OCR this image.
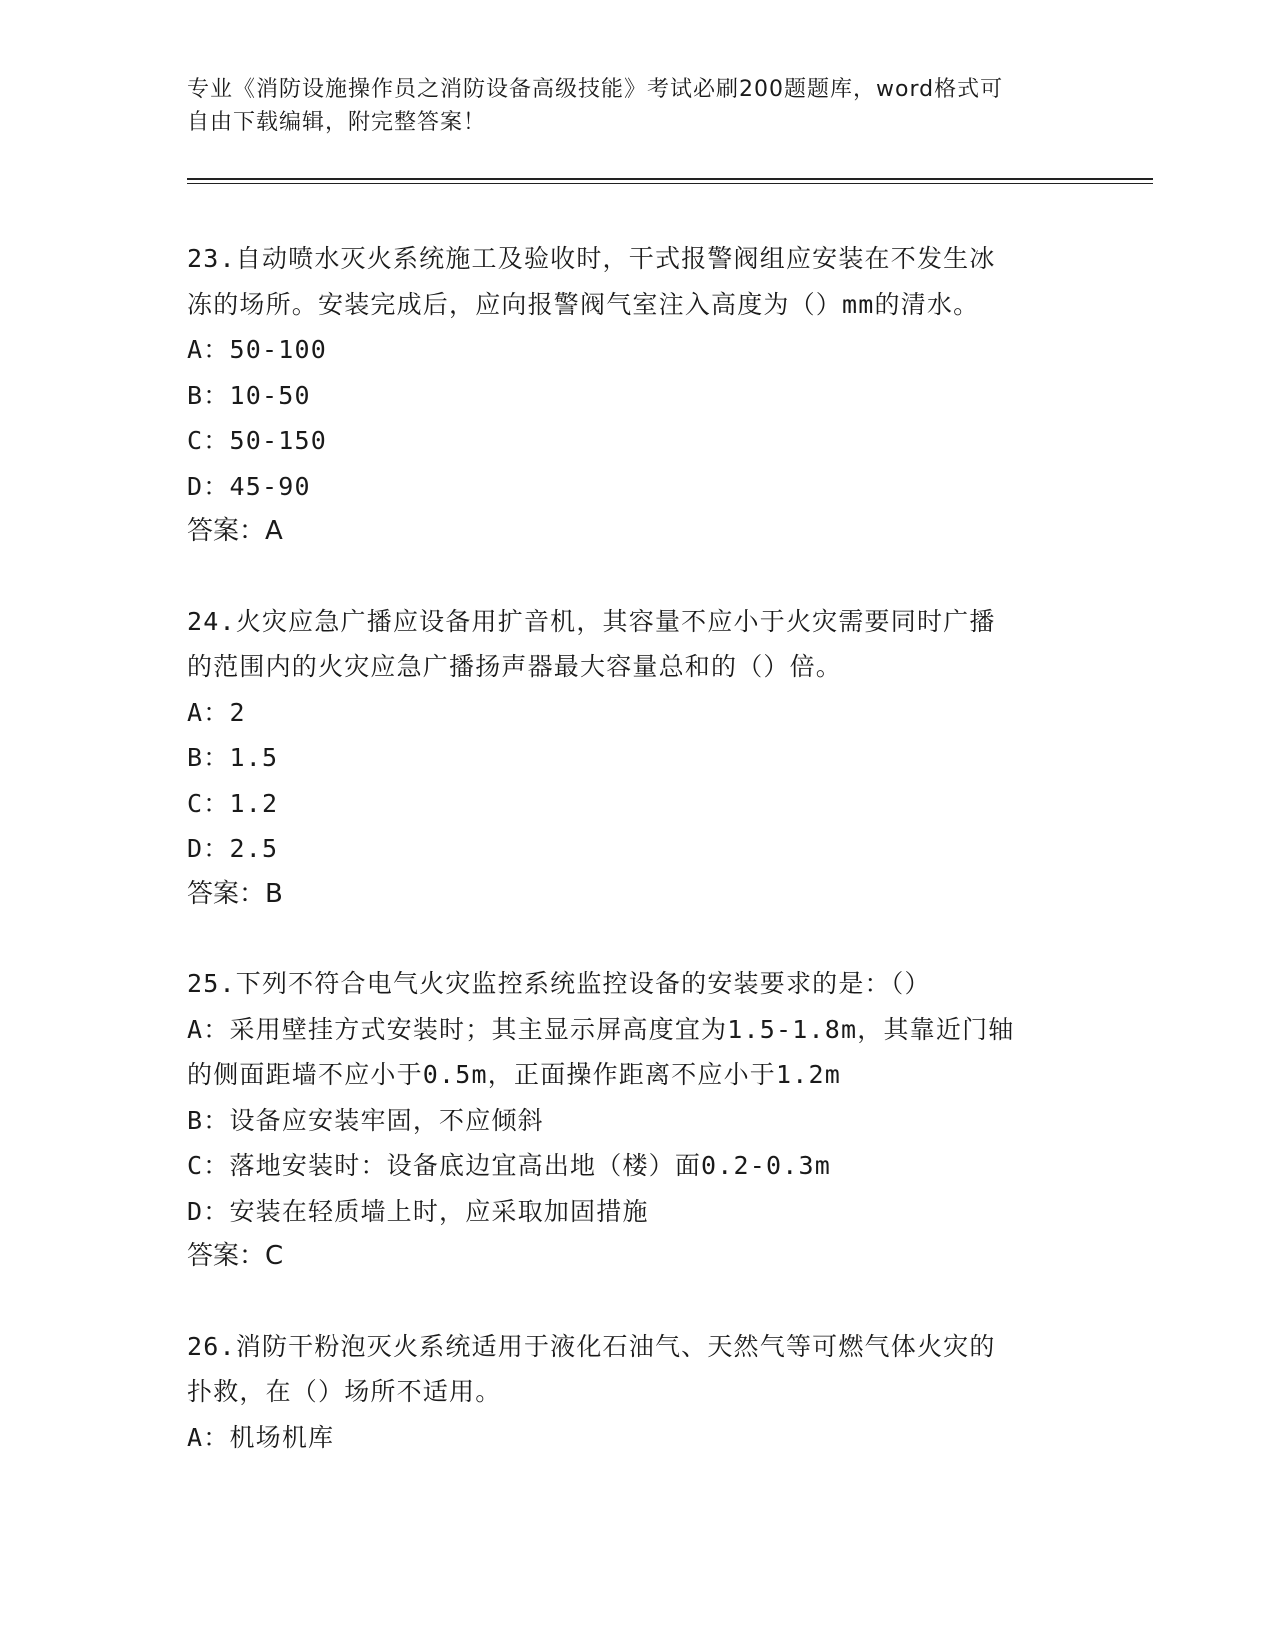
专业《消防设施操作员之消防设备高级技能》考试必刷200题题库，word格式可
自由下载编辑，附完整答案！
23.自动喷水灭火系统施工及验收时，干式报警阀组应安装在不发生冰
冻的场所。安装完成后，应向报警阀气室注入高度为（）mm的清水。
A：50-100
B：10-50
C：50-150
D：45-90
答案：A
24.火灾应急广播应设备用扩音机，其容量不应小于火灾需要同时广播
的范围内的火灾应急广播扬声器最大容量总和的（）倍。
A：2
B：1.5
C：1.2
D：2.5
答案：B
25.下列不符合电气火灾监控系统监控设备的安装要求的是：（）
A：采用壁挂方式安装时；其主显示屏高度宜为1.5-1.8m，其靠近门轴
的侧面距墙不应小于0.5m，正面操作距离不应小于1.2m
B：设备应安装牢固，不应倾斜
C：落地安装时：设备底边宜高出地（楼）面0.2-0.3m
D：安装在轻质墙上时，应采取加固措施
答案：C
26.消防干粉泡灭火系统适用于液化石油气、天然气等可燃气体火灾的
扑救，在（）场所不适用。
A：机场机库
